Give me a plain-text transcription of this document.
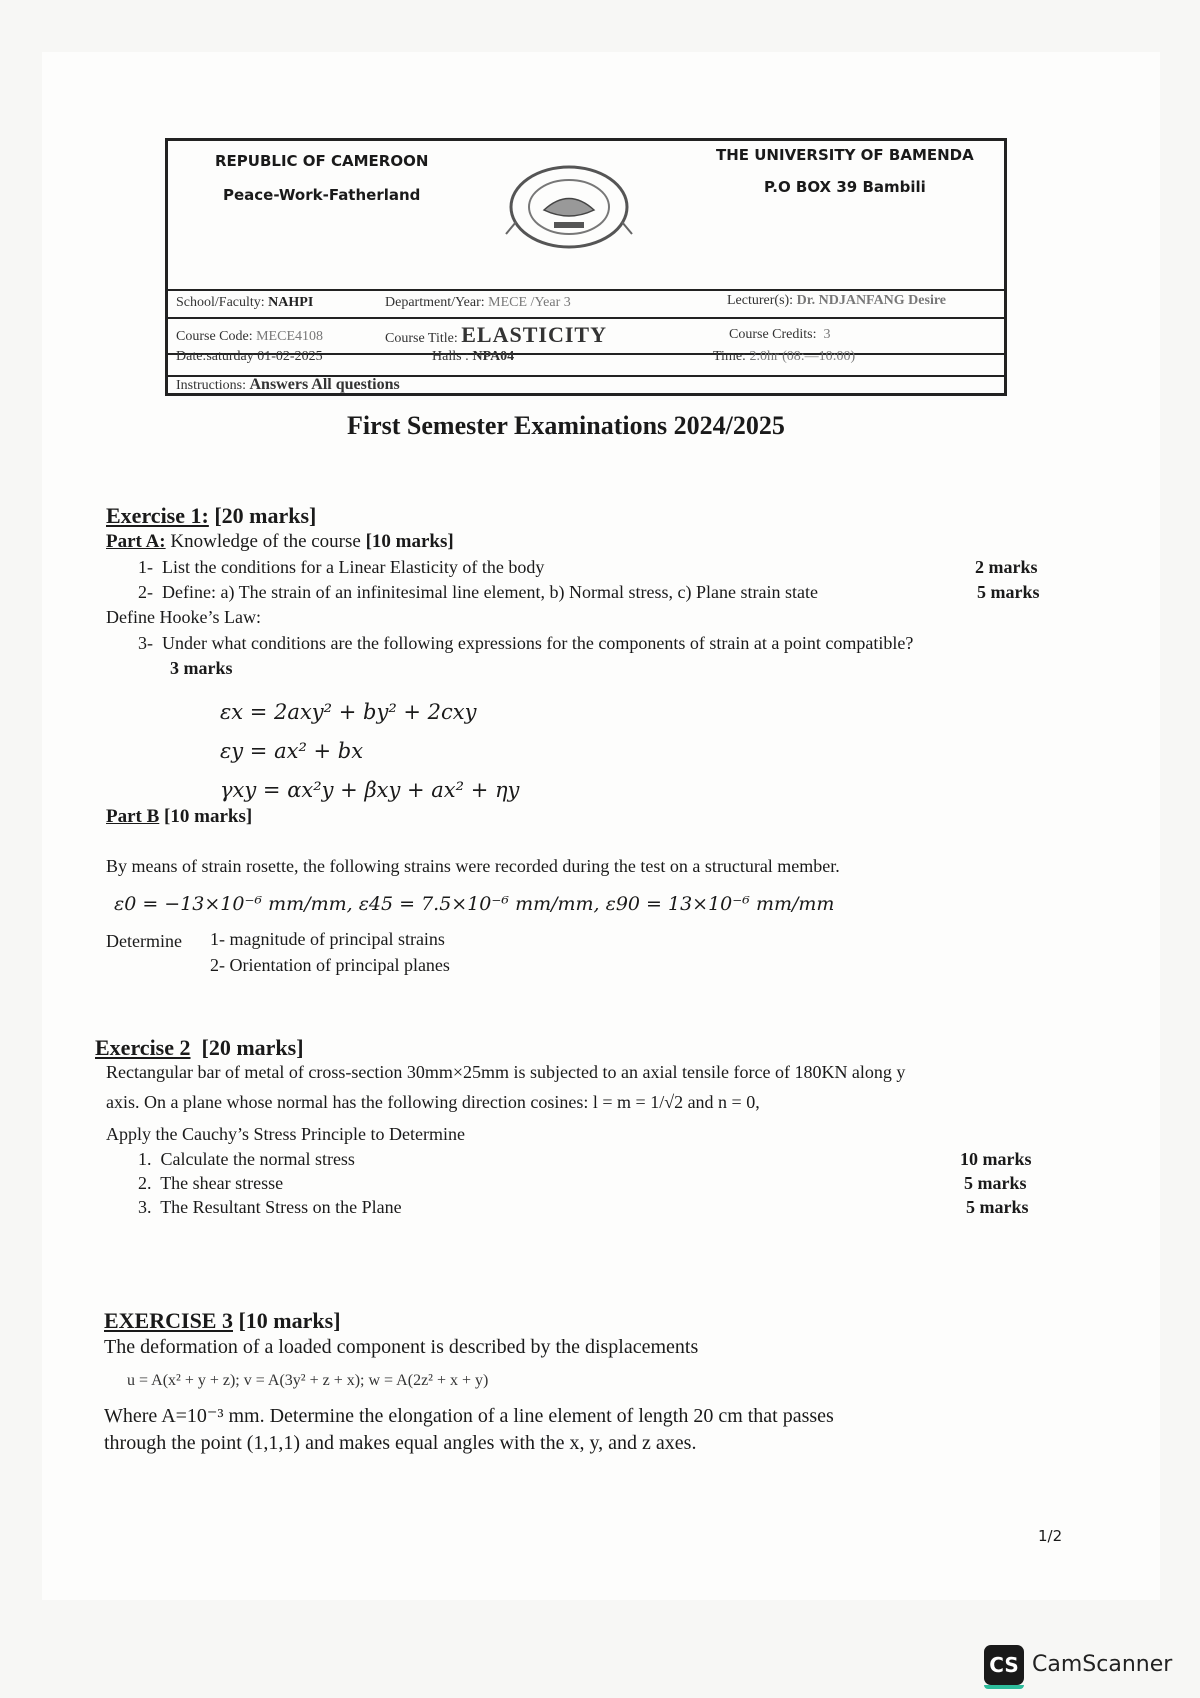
REPUBLIC OF CAMEROON
Peace-Work-Fatherland
THE UNIVERSITY OF BAMENDA
P.O BOX 39 Bambili
School/Faculty: NAHPI	Department/Year: MECE /Year 3	Lecturer(s): Dr. NDJANFANG Desire
Course Code: MECE4108	Course Title: ELASTICITY	Course Credits: 3
Date:saturday 01-02-2025	Halls : NPA04	Time: 2.0hr (08:—10:00)
Instructions: Answers All questions
First Semester Examinations 2024/2025
Exercise 1: [20 marks]
Part A: Knowledge of the course [10 marks]
1- List the conditions for a Linear Elasticity of the body	2 marks
2- Define: a) The strain of an infinitesimal line element, b) Normal stress, c) Plane strain state	5 marks
Define Hooke’s Law:
3- Under what conditions are the following expressions for the components of strain at a point compatible?
3 marks
εx = 2axy² + by² + 2cxy
εy = ax² + bx
γxy = αx²y + βxy + ax² + ηy
Part B [10 marks]
By means of strain rosette, the following strains were recorded during the test on a structural member.
ε0 = −13×10⁻⁶ mm/mm, ε45 = 7.5×10⁻⁶ mm/mm, ε90 = 13×10⁻⁶ mm/mm
Determine 1- magnitude of principal strains
2- Orientation of principal planes
Exercise 2 [20 marks]
Rectangular bar of metal of cross-section 30mm×25mm is subjected to an axial tensile force of 180KN along y
axis. On a plane whose normal has the following direction cosines: l = m = 1/√2 and n = 0,
Apply the Cauchy’s Stress Principle to Determine
1. Calculate the normal stress	10 marks
2. The shear stresse	5 marks
3. The Resultant Stress on the Plane	5 marks
EXERCISE 3 [10 marks]
The deformation of a loaded component is described by the displacements
u = A(x² + y + z); v = A(3y² + z + x); w = A(2z² + x + y)
Where A=10⁻³ mm. Determine the elongation of a line element of length 20 cm that passes
through the point (1,1,1) and makes equal angles with the x, y, and z axes.
1/2
CS CamScanner
